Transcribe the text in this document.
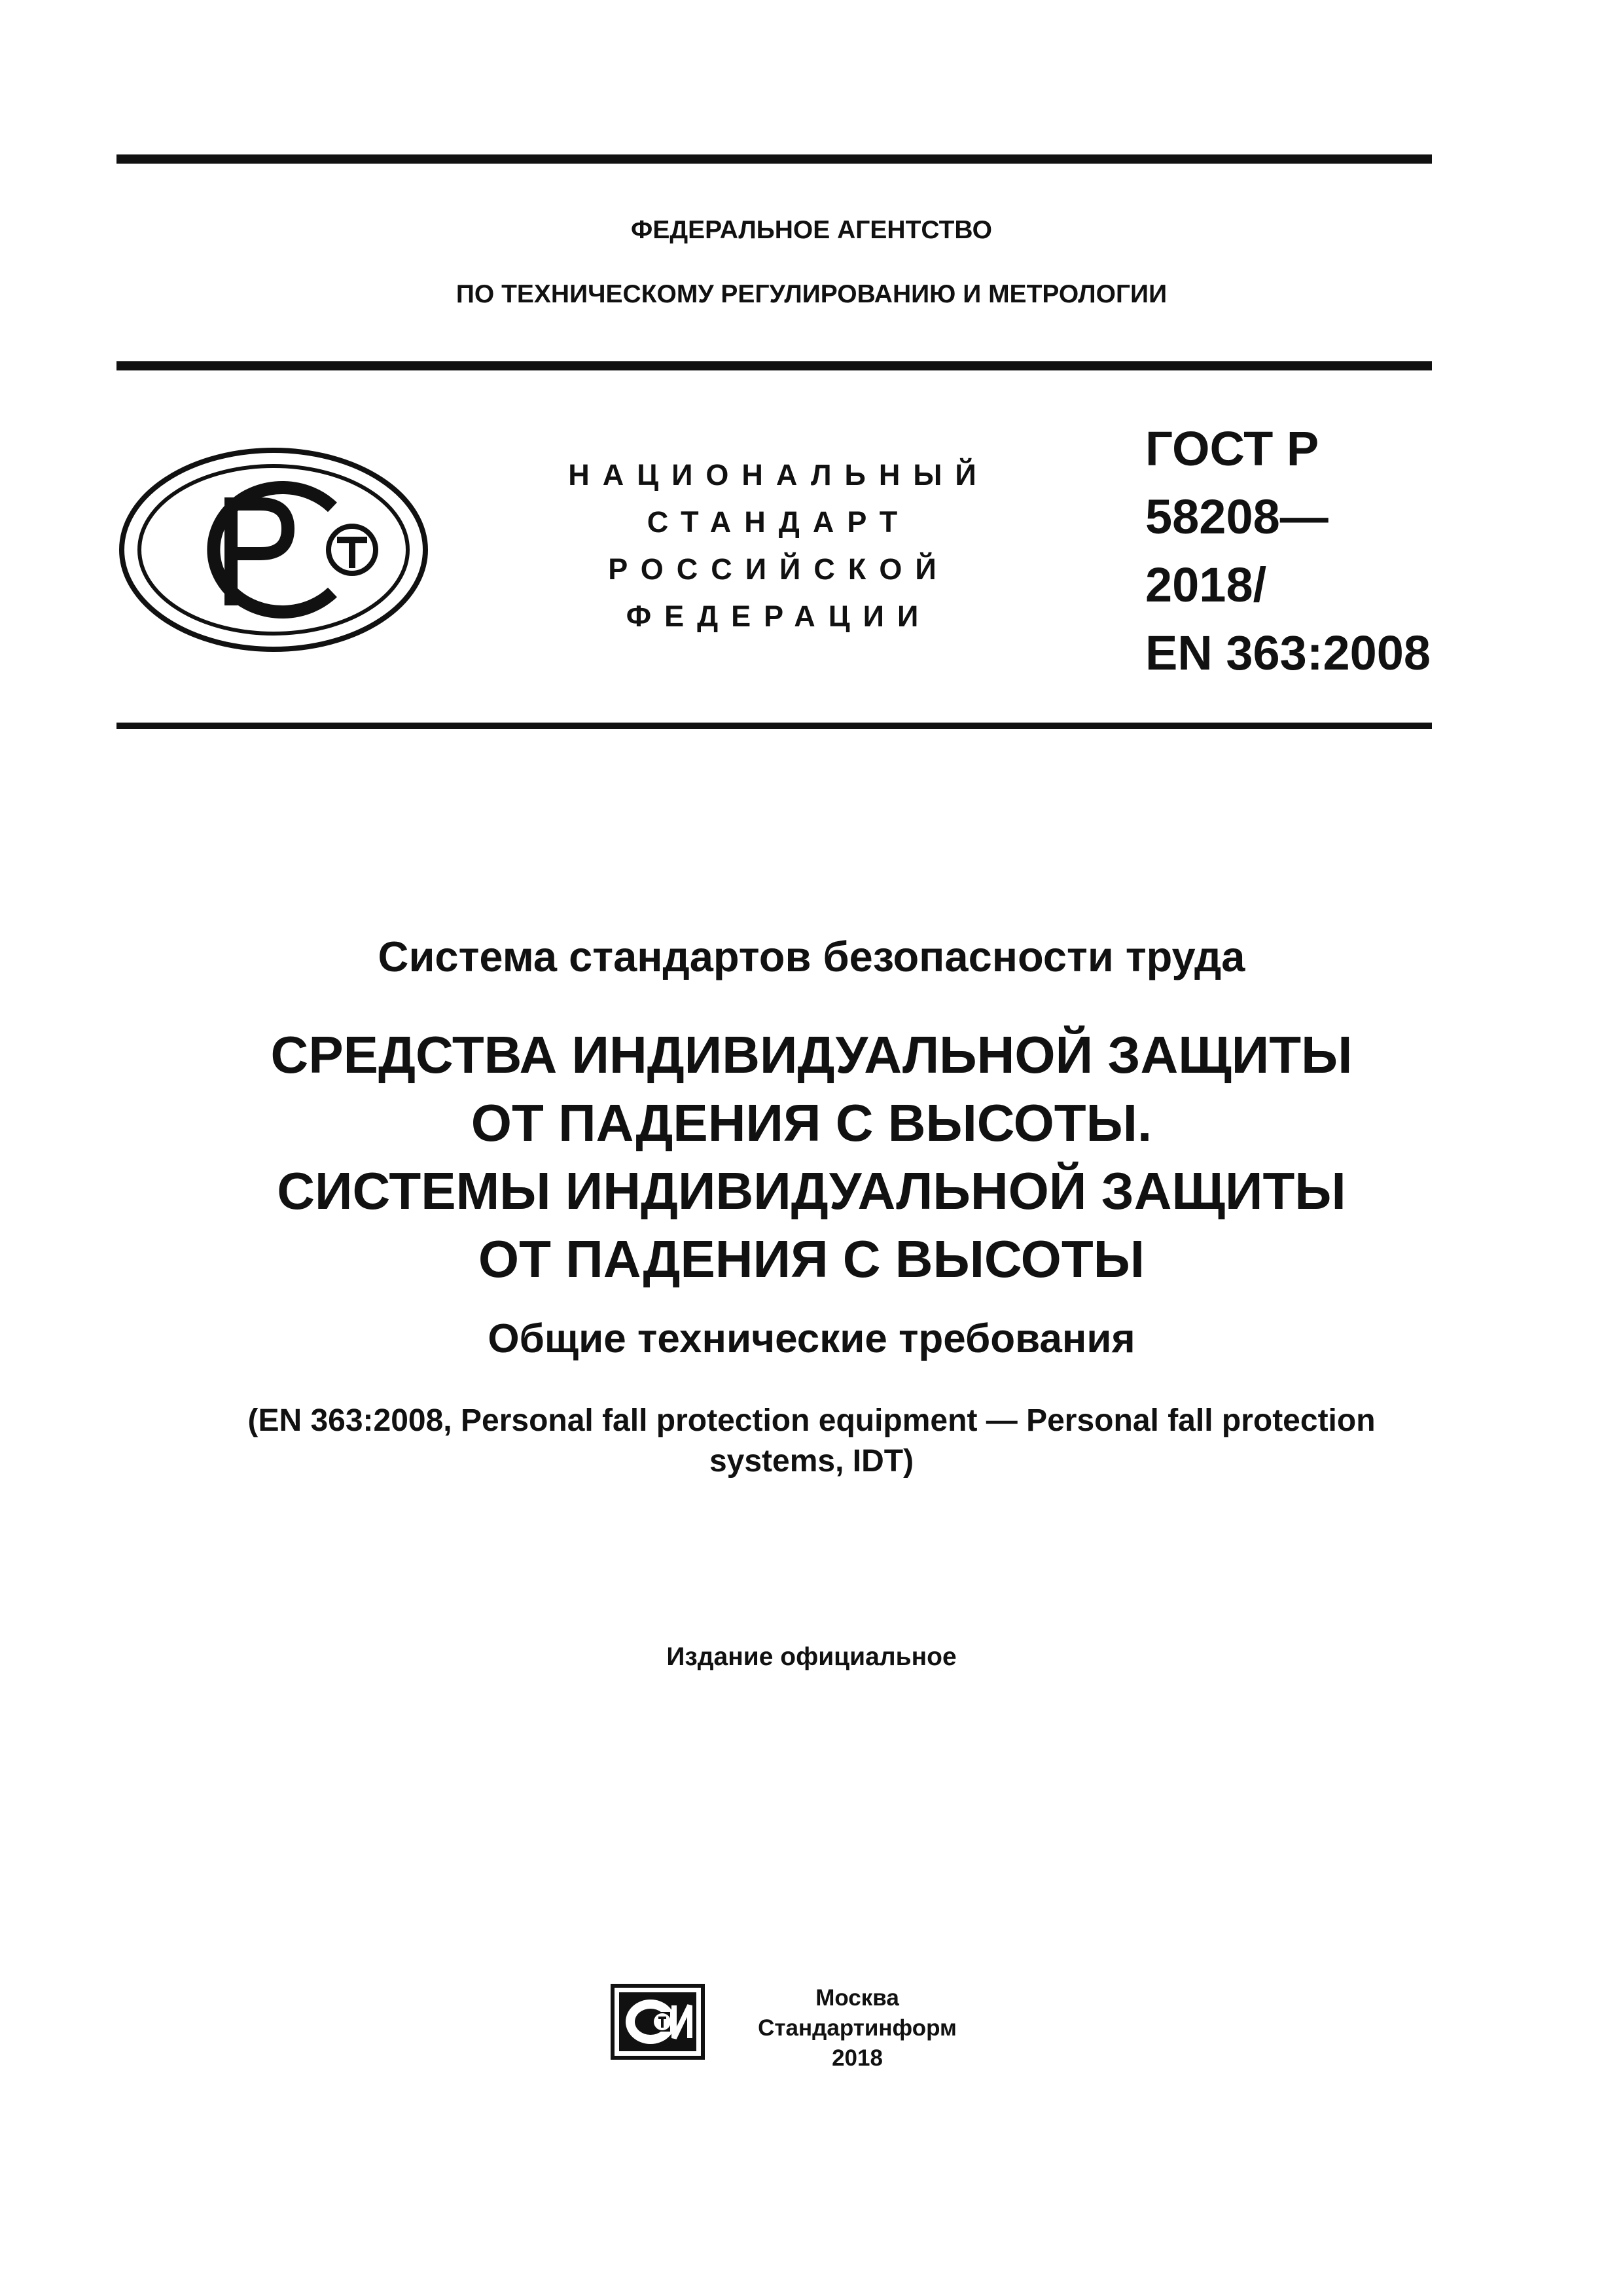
ФЕДЕРАЛЬНОЕ АГЕНТСТВО
ПО ТЕХНИЧЕСКОМУ РЕГУЛИРОВАНИЮ И МЕТРОЛОГИИ
НАЦИОНАЛЬНЫЙ
СТАНДАРТ
РОССИЙСКОЙ
ФЕДЕРАЦИИ
ГОСТ Р
58208—
2018/
EN 363:2008
Система стандартов безопасности труда
СРЕДСТВА ИНДИВИДУАЛЬНОЙ ЗАЩИТЫ
ОТ ПАДЕНИЯ С ВЫСОТЫ.
СИСТЕМЫ ИНДИВИДУАЛЬНОЙ ЗАЩИТЫ
ОТ ПАДЕНИЯ С ВЫСОТЫ
Общие технические требования
(EN 363:2008, Personal fall protection equipment — Personal fall protection
systems, IDT)
Издание официальное
Москва
Стандартинформ
2018
